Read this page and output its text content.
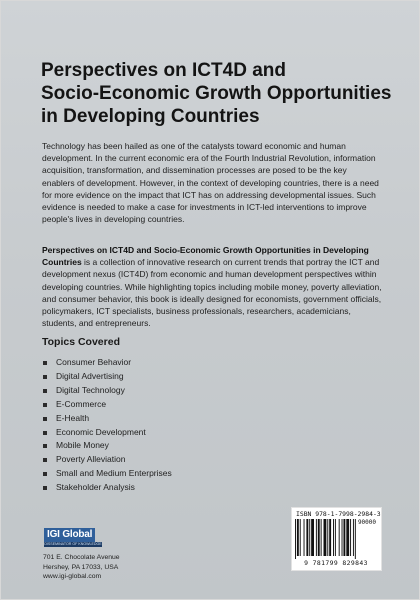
Perspectives on ICT4D and
Socio-Economic Growth Opportunities
in Developing Countries

Technology has been hailed as one of the catalysts toward economic and human development. In the current economic era of the Fourth Industrial Revolution, information acquisition, transformation, and dissemination processes are posed to be the key enablers of development. However, in the context of developing countries, there is a need for more evidence on the impact that ICT has on addressing developmental issues. Such evidence is needed to make a case for investments in ICT-led interventions to improve people's lives in developing countries.

Perspectives on ICT4D and Socio-Economic Growth Opportunities in Developing Countries is a collection of innovative research on current trends that portray the ICT and development nexus (ICT4D) from economic and human development perspectives within developing countries. While highlighting topics including mobile money, poverty alleviation, and consumer behavior, this book is ideally designed for economists, government officials, policymakers, ICT specialists, business professionals, researchers, academicians, students, and entrepreneurs.

Topics Covered
Consumer Behavior
Digital Advertising
Digital Technology
E-Commerce
E-Health
Economic Development
Mobile Money
Poverty Alleviation
Small and Medium Enterprises
Stakeholder Analysis
IGI Global
DISSEMINATOR OF KNOWLEDGE

701 E. Chocolate Avenue
Hershey, PA 17033, USA
www.igi-global.com

ISBN 978-1-7998-2984-3
90000
9 781799 829843
